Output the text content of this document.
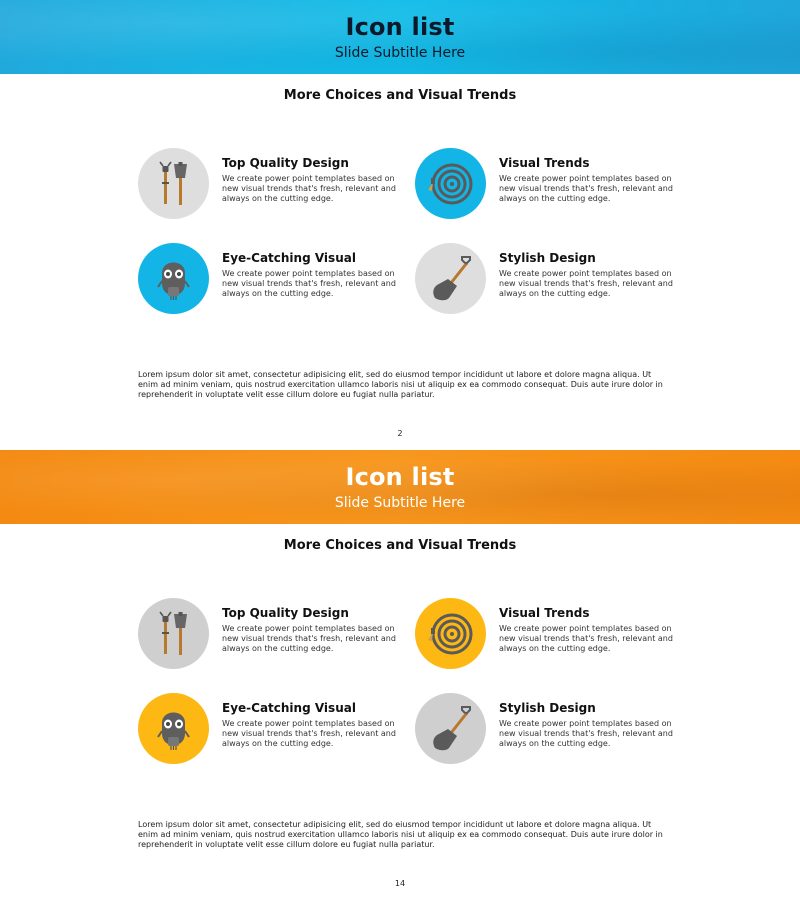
Icon list
Slide Subtitle Here
More Choices and Visual Trends
Top Quality Design
We create power point templates based on new visual trends that's fresh, relevant and always on the cutting edge.
Visual Trends
We create power point templates based on new visual trends that's fresh, relevant and always on the cutting edge.
Eye-Catching Visual
We create power point templates based on new visual trends that's fresh, relevant and always on the cutting edge.
Stylish Design
We create power point templates based on new visual trends that's fresh, relevant and always on the cutting edge.
Lorem ipsum dolor sit amet, consectetur adipisicing elit, sed do eiusmod tempor incididunt ut labore et dolore magna aliqua. Ut enim ad minim veniam, quis nostrud exercitation ullamco laboris nisi ut aliquip ex ea commodo consequat. Duis aute irure dolor in reprehenderit in voluptate velit esse cillum dolore eu fugiat nulla pariatur.
2
Icon list
Slide Subtitle Here
More Choices and Visual Trends
Top Quality Design
We create power point templates based on new visual trends that's fresh, relevant and always on the cutting edge.
Visual Trends
We create power point templates based on new visual trends that's fresh, relevant and always on the cutting edge.
Eye-Catching Visual
We create power point templates based on new visual trends that's fresh, relevant and always on the cutting edge.
Stylish Design
We create power point templates based on new visual trends that's fresh, relevant and always on the cutting edge.
Lorem ipsum dolor sit amet, consectetur adipisicing elit, sed do eiusmod tempor incididunt ut labore et dolore magna aliqua. Ut enim ad minim veniam, quis nostrud exercitation ullamco laboris nisi ut aliquip ex ea commodo consequat. Duis aute irure dolor in reprehenderit in voluptate velit esse cillum dolore eu fugiat nulla pariatur.
14
